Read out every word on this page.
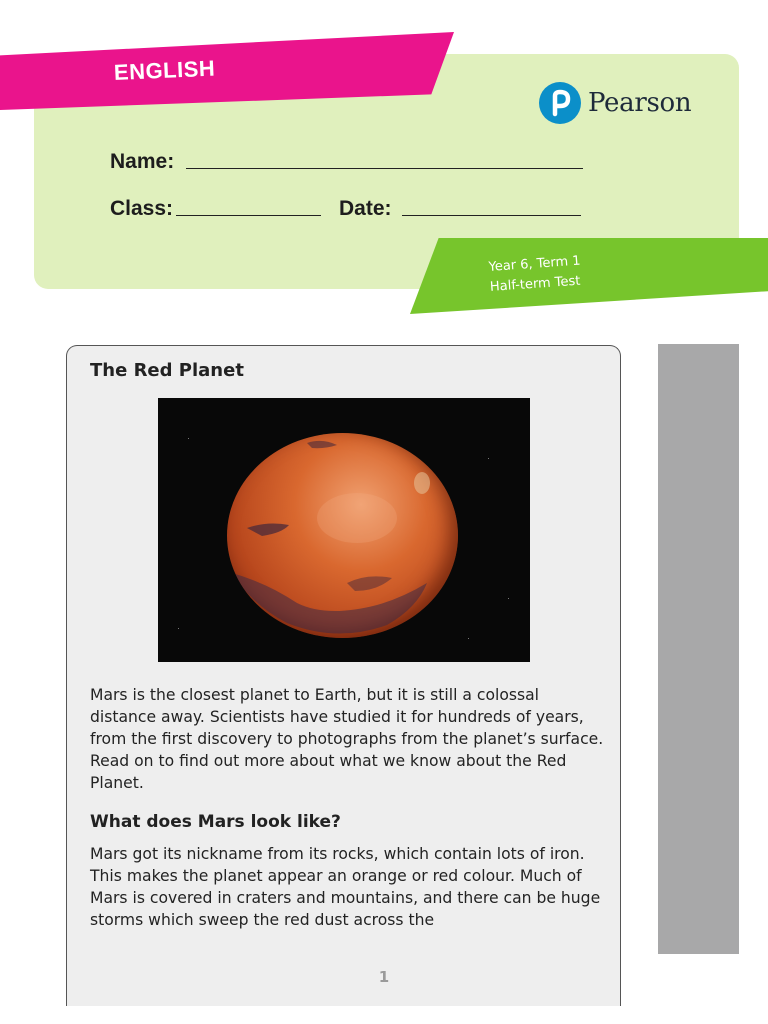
ENGLISH
Pearson
Name:
Class:	Date:
Year 6, Term 1
Half-term Test
The Red Planet

Mars is the closest planet to Earth, but it is still a colossal distance away. Scientists have studied it for hundreds of years, from the first discovery to photographs from the planet’s surface. Read on to find out more about what we know about the Red Planet.

What does Mars look like?

Mars got its nickname from its rocks, which contain lots of iron. This makes the planet appear an orange or red colour. Much of Mars is covered in craters and mountains, and there can be huge storms which sweep the red dust across the

1
